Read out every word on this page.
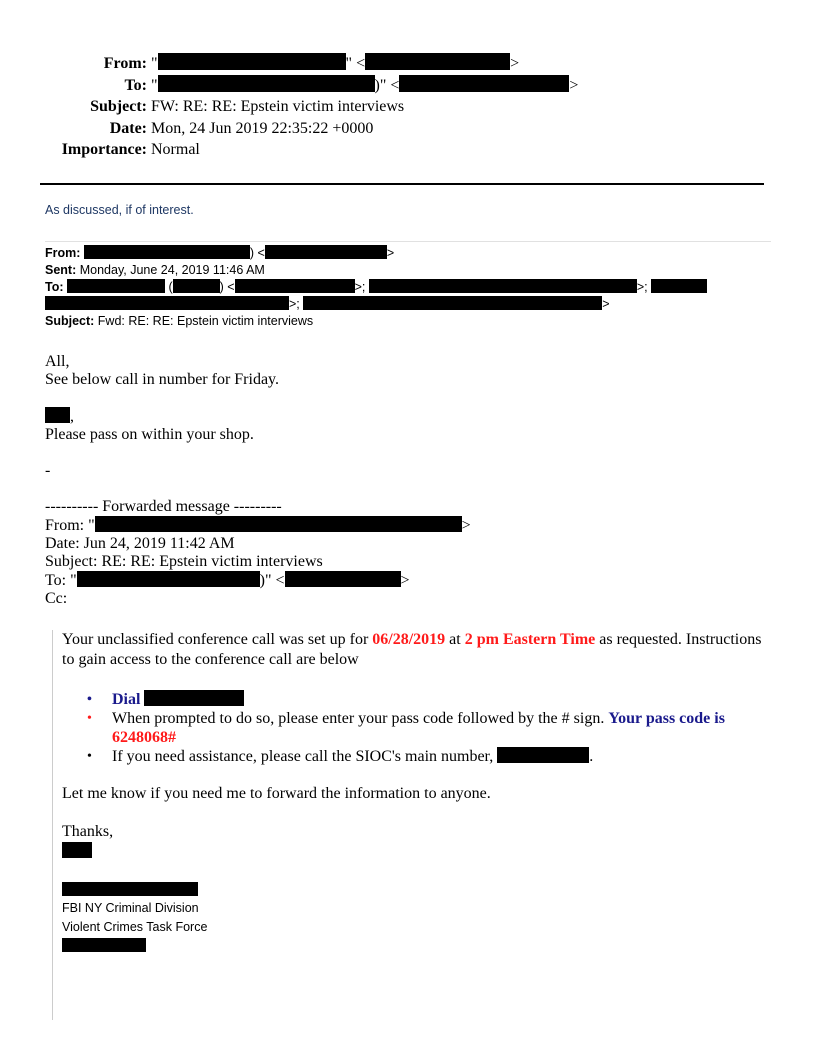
From: "	" <	>
To: "	)" <	>
Subject: FW: RE: RE: Epstein victim interviews
Date: Mon, 24 Jun 2019 22:35:22 +0000
Importance: Normal
As discussed, if of interest.
From:	) <	>
Sent: Monday, June 24, 2019 11:46 AM
To:	(	) <	>;	>;
>;	>
Subject: Fwd: RE: RE: Epstein victim interviews

All,

See below call in number for Friday.

,

Please pass on within your shop.

-

---------- Forwarded message ---------

From: "	>

Date: Jun 24, 2019 11:42 AM

Subject: RE: RE: Epstein victim interviews

To: "	)" <	>

Cc:

Your unclassified conference call was set up for 06/28/2019 at 2 pm Eastern Time as requested. Instructions to gain access to the conference call are below

• Dial
• When prompted to do so, please enter your pass code followed by the # sign. Your pass code is
6248068#
• If you need assistance, please call the SIOC's main number,	.

Let me know if you need me to forward the information to anyone.

Thanks,

FBI NY Criminal Division
Violent Crimes Task Force
